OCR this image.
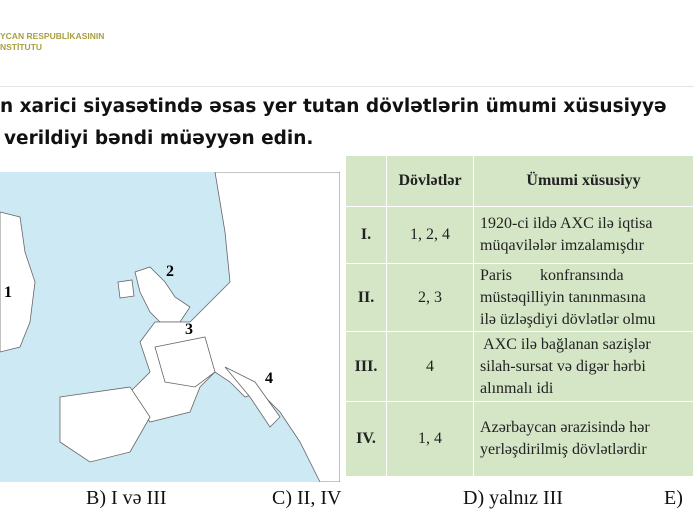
YCAN RESPUBLİKASININ
NSTİTUTU
n xarici siyasətində əsas yer tutan dövlətlərin ümumi xüsusiyyə
verildiyi bəndi müəyyən edin.
1
2
3
4
	Dövlətlər	Ümumi xüsusiyy
I.	1, 2, 4	1920-ci ildə AXC ilə iqtisa
müqavilələr imzalamışdır

II.	2, 3	Paris       konfransında
müstəqilliyin tanınmasına
ilə üzləşdiyi dövlətlər olmu

III.	4	AXC ilə bağlanan sazişlər
silah-sursat və digər hərbi
alınmalı idi

IV.	1, 4	Azərbaycan ərazisində hər
yerləşdirilmiş dövlətlərdir
B) I və III	C) II, IV	D) yalnız III	E)
